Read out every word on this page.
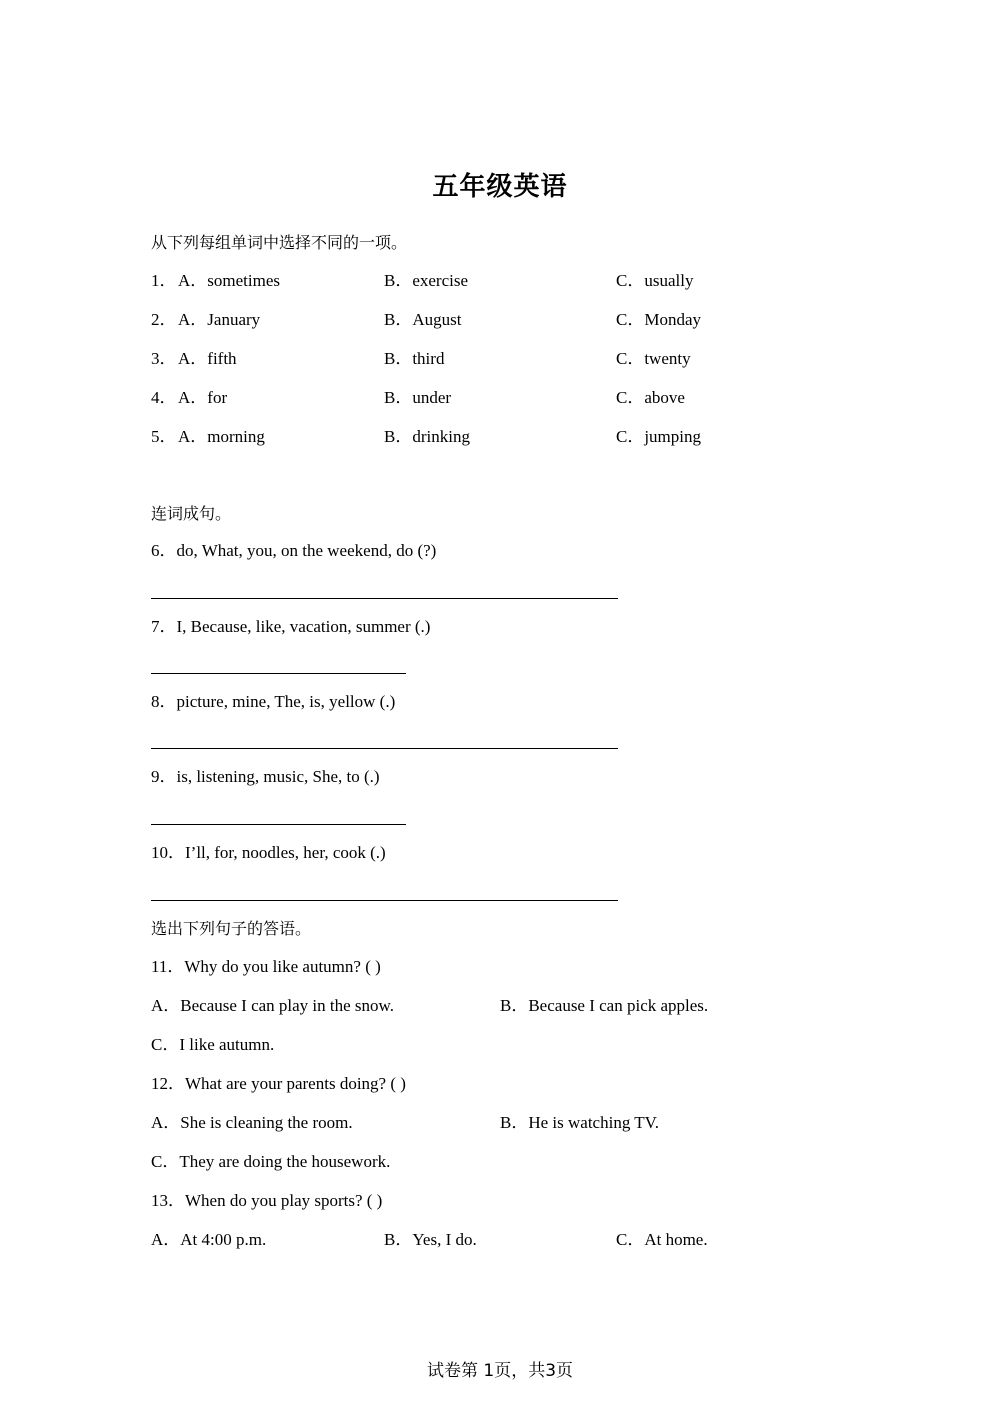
五年级英语
从下列每组单词中选择不同的一项。
1． A．sometimes	B．exercise	C．usually
2． A．January	B．August	C．Monday
3． A．fifth	B．third	C．twenty
4． A．for	B．under	C．above
5． A．morning	B．drinking	C．jumping
连词成句。
6．do, What, you, on the weekend, do (?)
7．I, Because, like, vacation, summer (.)
8．picture, mine, The, is, yellow (.)
9．is, listening, music, She, to (.)
10．I’ll, for, noodles, her, cook (.)
选出下列句子的答语。
11．Why do you like autumn? ( )
A．Because I can play in the snow.	B．Because I can pick apples.
C．I like autumn.
12．What are your parents doing? ( )
A．She is cleaning the room.	B．He is watching TV.
C．They are doing the housework.
13．When do you play sports? ( )
A．At 4:00 p.m.	B．Yes, I do.	C．At home.
试卷第 1页，共3页
